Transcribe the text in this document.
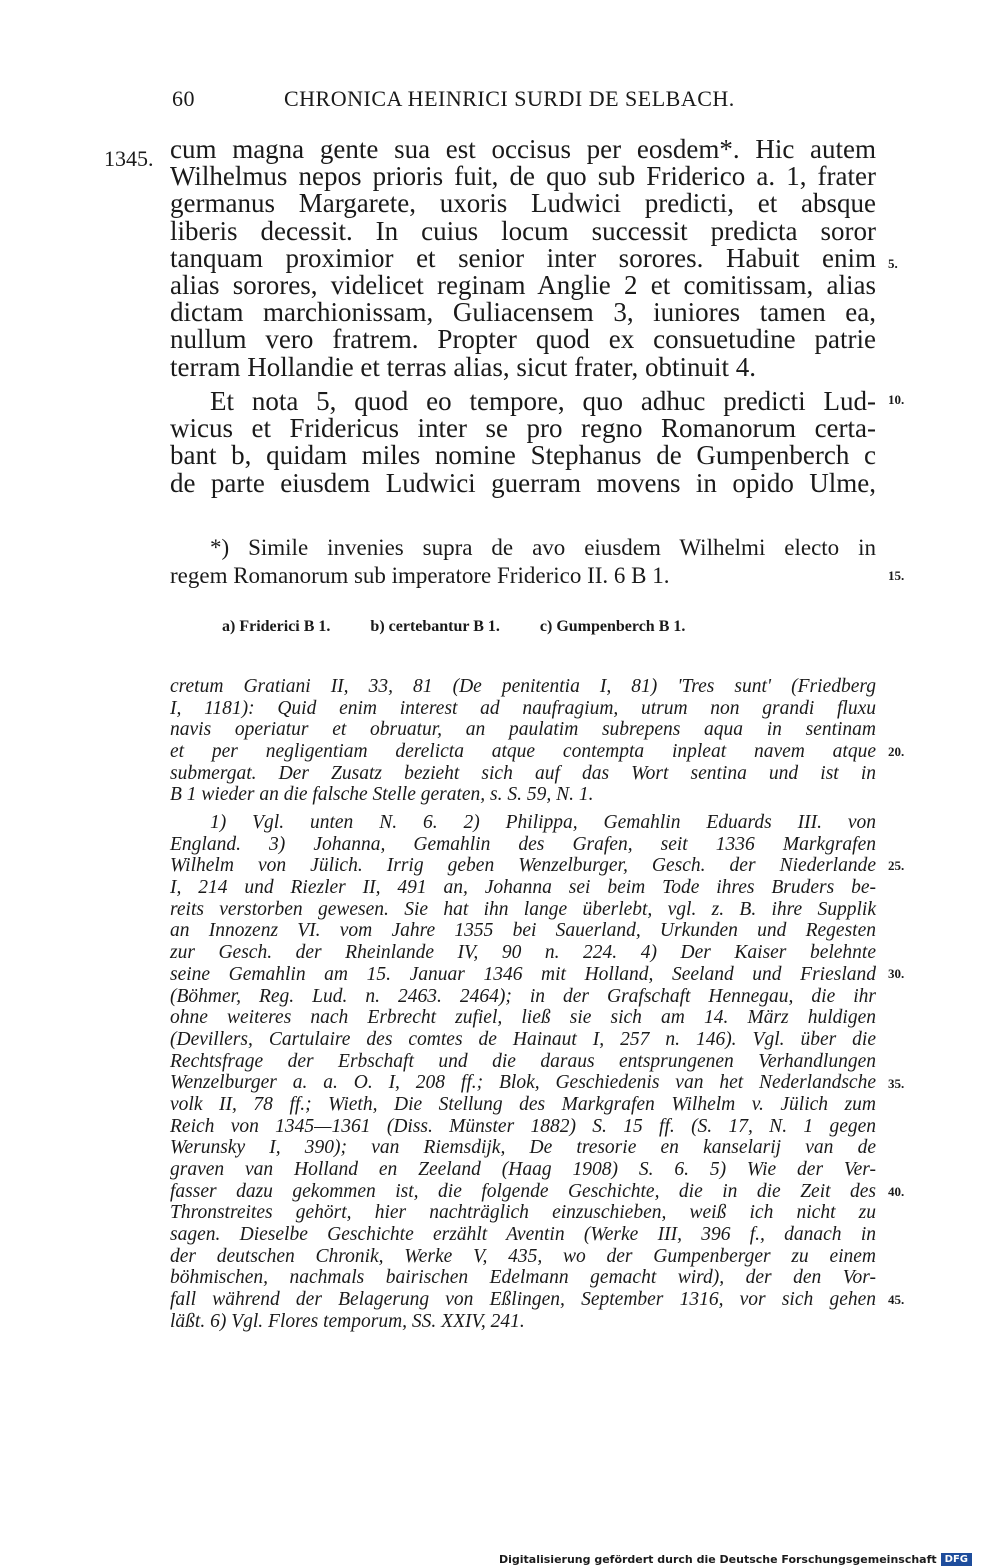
60	CHRONICA HEINRICI SURDI DE SELBACH.
1345. cum magna gente sua est occisus per eosdem*. Hic autem
Wilhelmus nepos prioris fuit, de quo sub Friderico a. 1, frater
germanus Margarete, uxoris Ludwici predicti, et absque
liberis decessit. In cuius locum successit predicta soror
tanquam proximior et senior inter sorores. Habuit enim
alias sorores, videlicet reginam Anglie 2 et comitissam, alias
dictam marchionissam, Guliacensem 3, iuniores tamen ea,
nullum vero fratrem. Propter quod ex consuetudine patrie
terram Hollandie et terras alias, sicut frater, obtinuit 4.
Et nota 5, quod eo tempore, quo adhuc predicti Lud-
wicus et Fridericus inter se pro regno Romanorum certa-
bant b, quidam miles nomine Stephanus de Gumpenberch c
de parte eiusdem Ludwici guerram movens in opido Ulme,
*) Simile invenies supra de avo eiusdem Wilhelmi electo in
regem Romanorum sub imperatore Friderico II. 6 B 1.
a) Friderici B 1.	b) certebantur B 1.	c) Gumpenberch B 1.
cretum Gratiani II, 33, 81 (De penitentia I, 81) 'Tres sunt' (Friedberg
I, 1181): Quid enim interest ad naufragium, utrum non grandi fluxu
navis operiatur et obruatur, an paulatim subrepens aqua in sentinam
et per negligentiam derelicta atque contempta inpleat navem atque
submergat. Der Zusatz bezieht sich auf das Wort sentina und ist in
B 1 wieder an die falsche Stelle geraten, s. S. 59, N. 1.
1) Vgl. unten N. 6. 2) Philippa, Gemahlin Eduards III. von
England. 3) Johanna, Gemahlin des Grafen, seit 1336 Markgrafen
Wilhelm von Jülich. Irrig geben Wenzelburger, Gesch. der Niederlande
I, 214 und Riezler II, 491 an, Johanna sei beim Tode ihres Bruders be-
reits verstorben gewesen. Sie hat ihn lange überlebt, vgl. z. B. ihre Supplik
an Innozenz VI. vom Jahre 1355 bei Sauerland, Urkunden und Regesten
zur Gesch. der Rheinlande IV, 90 n. 224. 4) Der Kaiser belehnte
seine Gemahlin am 15. Januar 1346 mit Holland, Seeland und Friesland
(Böhmer, Reg. Lud. n. 2463. 2464); in der Grafschaft Hennegau, die ihr
ohne weiteres nach Erbrecht zufiel, ließ sie sich am 14. März huldigen
(Devillers, Cartulaire des comtes de Hainaut I, 257 n. 146). Vgl. über die
Rechtsfrage der Erbschaft und die daraus entsprungenen Verhandlungen
Wenzelburger a. a. O. I, 208 ff.; Blok, Geschiedenis van het Nederlandsche
volk II, 78 ff.; Wieth, Die Stellung des Markgrafen Wilhelm v. Jülich zum
Reich von 1345—1361 (Diss. Münster 1882) S. 15 ff. (S. 17, N. 1 gegen
Werunsky I, 390); van Riemsdijk, De tresorie en kanselarij van de
graven van Holland en Zeeland (Haag 1908) S. 6. 5) Wie der Ver-
fasser dazu gekommen ist, die folgende Geschichte, die in die Zeit des
Thronstreites gehört, hier nachträglich einzuschieben, weiß ich nicht zu
sagen. Dieselbe Geschichte erzählt Aventin (Werke III, 396 f., danach in
der deutschen Chronik, Werke V, 435, wo der Gumpenberger zu einem
böhmischen, nachmals bairischen Edelmann gemacht wird), der den Vor-
fall während der Belagerung von Eßlingen, September 1316, vor sich gehen
läßt. 6) Vgl. Flores temporum, SS. XXIV, 241.
5.
10.
15.
20.
25.
30.
35.
40.
45.
Digitalisierung gefördert durch die Deutsche Forschungsgemeinschaft DFG
